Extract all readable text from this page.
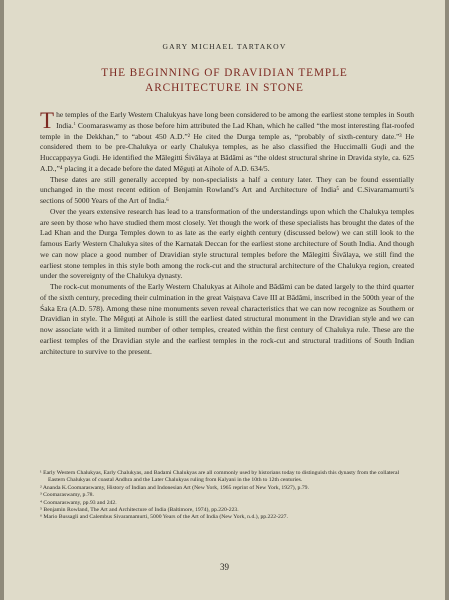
GARY MICHAEL TARTAKOV
THE BEGINNING OF DRAVIDIAN TEMPLE
ARCHITECTURE IN STONE

The temples of the Early Western Chalukyas have long been considered to be among the earliest stone temples in South India.$^1$ Coomaraswamy as those before him attributed the Lad Khan, which he called “the most interesting flat-roofed temple in the Dekkhan,” to “about 450 A.D.”² He cited the Durga temple as, “probably of sixth-century date.”³ He considered them to be pre-Chalukya or early Chalukya temples, as he also classified the Huccimalli Guḍi and the Huccappayya Guḍi. He identified the Mālegitti Śivālaya at Bādāmi as “the oldest structural shrine in Dravida style, ca. 625 A.D.,”⁴ placing it a decade before the dated Mēguṭi at Aihole of A.D. 634/5.

These dates are still generally accepted by non-specialists a half a century later. They can be found essentially unchanged in the most recent edition of Benjamin Rowland’s Art and Architecture of India⁵ and C.Sivaramamurti’s sections of 5000 Years of the Art of India.⁶

Over the years extensive research has lead to a transformation of the understandings upon which the Chalukya temples are seen by those who have studied them most closely. Yet though the work of these specialists has brought the dates of the Lad Khan and the Durga Temples down to as late as the early eighth century (discussed below) we can still look to the famous Early Western Chalukya sites of the Karnatak Deccan for the earliest stone architecture of South India. And though we can now place a good number of Dravidian style structural temples before the Mālegitti Śivālaya, we still find the earliest stone temples in this style both among the rock-cut and the structural architecture of the Chalukya region, created under the sovereignty of the Chalukya dynasty.

The rock-cut monuments of the Early Western Chalukyas at Aihole and Bādāmi can be dated largely to the third quarter of the sixth century, preceding their culmination in the great Vaiṣṇava Cave III at Bādāmi, inscribed in the 500th year of the Śaka Era (A.D. 578). Among these nine monuments seven reveal characteristics that we can now recognize as Southern or Dravidian in style. The Mēguṭi at Aihole is still the earliest dated structural monument in the Dravidian style and we can now associate with it a limited number of other temples, created within the first century of Chalukya rule. These are the earliest temples of the Dravidian style and the earliest temples in the rock-cut and structural traditions of South Indian architecture to survive to the present.

¹ Early Western Chalukyas, Early Chalukyas, and Badami Chalukyas are all commonly used by historians today to distinguish this dynasty from the collateral Eastern Chalukyas of coastal Andhra and the Later Chalukyas ruling from Kalyani in the 10th to 12th centuries.
² Ananda K.Coomaraswamy, History of Indian and Indonesian Art (New York, 1965 reprint of New York, 1927), p.79.
³ Coomaraswamy, p.78.
⁴ Coomaraswamy, pp.93 and 242.
⁵ Benjamin Rowland, The Art and Architecture of India (Baltimore, 1974), pp.220-223.
⁶ Mario Bussagli and Calembus Sivaramamurti, 5000 Years of the Art of India (New York, n.d.), pp.222-227.
39
